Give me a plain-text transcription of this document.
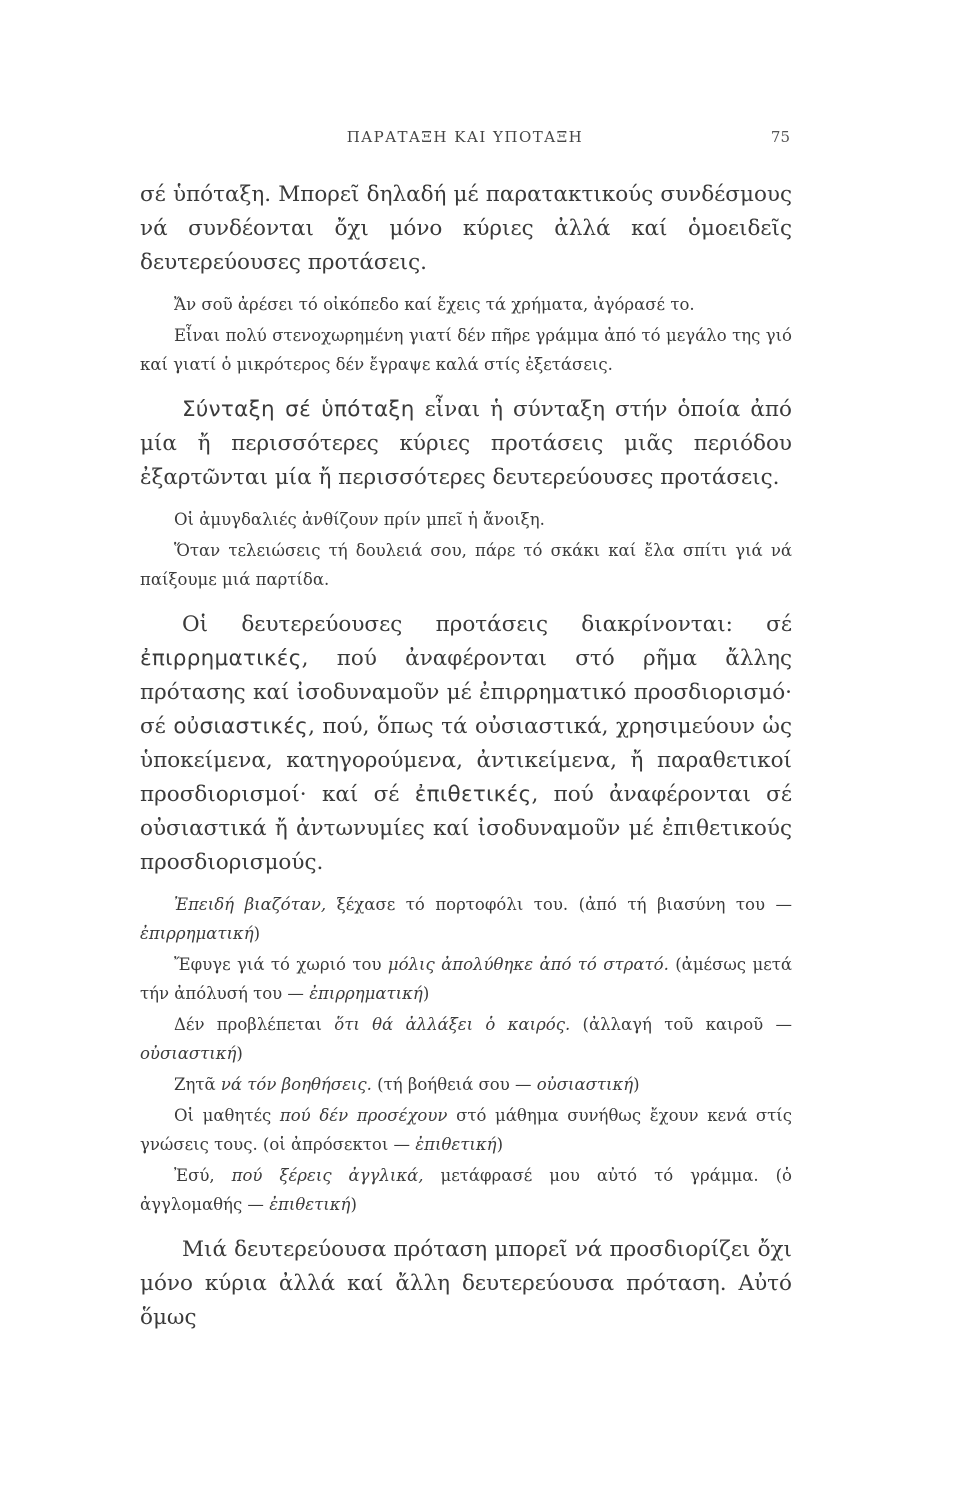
ΠΑΡΑΤΑΞΗ ΚΑΙ ΥΠΟΤΑΞΗ	75

σέ ὑπόταξη. Μπορεῖ δηλαδή μέ παρατακτικούς συνδέσμους νά συνδέονται ὄχι μόνο κύριες ἀλλά καί ὁμοειδεῖς δευτερεύουσες προτάσεις.

Ἄν σοῦ ἀρέσει τό οἰκόπεδο καί ἔχεις τά χρήματα, ἀγόρασέ το.

Εἶναι πολύ στενοχωρημένη γιατί δέν πῆρε γράμμα ἀπό τό μεγάλο της γιό καί γιατί ὁ μικρότερος δέν ἔγραψε καλά στίς ἐξετάσεις.

Σύνταξη σέ ὑπόταξη εἶναι ἡ σύνταξη στήν ὁποία ἀπό μία ἤ περισσότερες κύριες προτάσεις μιᾶς περιόδου ἐξαρτῶνται μία ἤ περισσότερες δευτερεύουσες προτάσεις.

Οἱ ἀμυγδαλιές ἀνθίζουν πρίν μπεῖ ἡ ἄνοιξη.

Ὅταν τελειώσεις τή δουλειά σου, πάρε τό σκάκι καί ἔλα σπίτι γιά νά παίξουμε μιά παρτίδα.

Οἱ δευτερεύουσες προτάσεις διακρίνονται: σέ ἐπιρρηματικές, πού ἀναφέρονται στό ρῆμα ἄλλης πρότασης καί ἰσοδυναμοῦν μέ ἐπιρρηματικό προσδιορισμό· σέ οὐσιαστικές, πού, ὅπως τά οὐσιαστικά, χρησιμεύουν ὡς ὑποκείμενα, κατηγορούμενα, ἀντικείμενα, ἤ παραθετικοί προσδιορισμοί· καί σέ ἐπιθετικές, πού ἀναφέρονται σέ οὐσιαστικά ἤ ἀντωνυμίες καί ἰσοδυναμοῦν μέ ἐπιθετικούς προσδιορισμούς.

Ἐπειδή βιαζόταν, ξέχασε τό πορτοφόλι του. (ἀπό τή βιασύνη του — ἐπιρρηματική)

Ἔφυγε γιά τό χωριό του μόλις ἀπολύθηκε ἀπό τό στρατό. (ἀμέσως μετά τήν ἀπόλυσή του — ἐπιρρηματική)

Δέν προβλέπεται ὅτι θά ἀλλάξει ὁ καιρός. (ἀλλαγή τοῦ καιροῦ — οὐσιαστική)

Ζητᾶ νά τόν βοηθήσεις. (τή βοήθειά σου — οὐσιαστική)

Οἱ μαθητές πού δέν προσέχουν στό μάθημα συνήθως ἔχουν κενά στίς γνώσεις τους. (οἱ ἀπρόσεκτοι — ἐπιθετική)

Ἐσύ, πού ξέρεις ἀγγλικά, μετάφρασέ μου αὐτό τό γράμμα. (ὁ ἀγγλομαθής — ἐπιθετική)

Μιά δευτερεύουσα πρόταση μπορεῖ νά προσδιορίζει ὄχι μόνο κύρια ἀλλά καί ἄλλη δευτερεύουσα πρόταση. Αὐτό ὅμως
